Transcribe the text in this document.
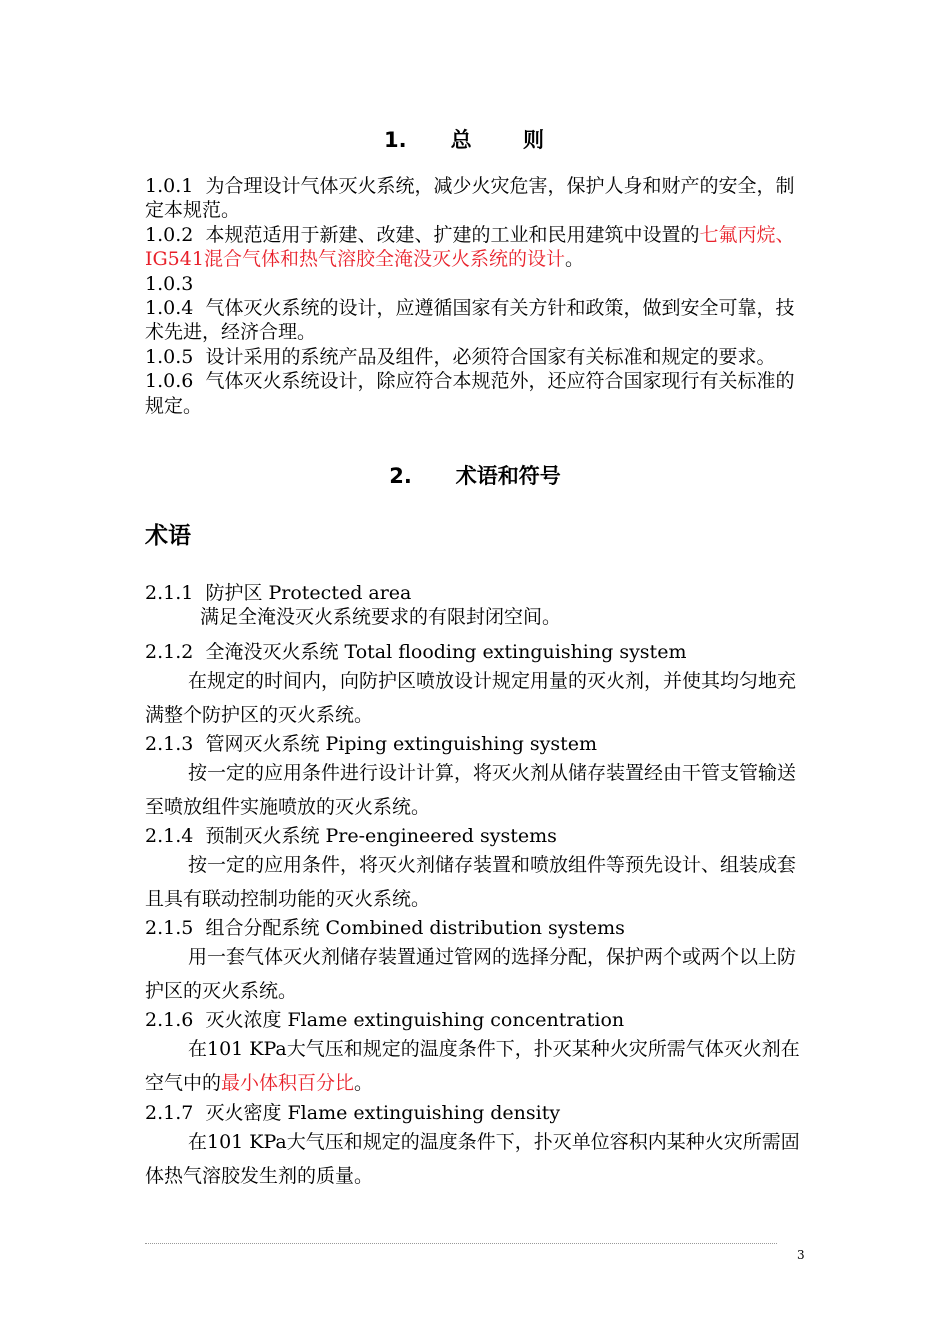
1. 总 则
1.0.1 为合理设计气体灭火系统，减少火灾危害，保护人身和财产的安全，制定本规范。
1.0.2 本规范适用于新建、改建、扩建的工业和民用建筑中设置的七氟丙烷、IG541混合气体和热气溶胶全淹没灭火系统的设计。
1.0.3
1.0.4 气体灭火系统的设计，应遵循国家有关方针和政策，做到安全可靠，技术先进，经济合理。
1.0.5 设计采用的系统产品及组件，必须符合国家有关标准和规定的要求。
1.0.6 气体灭火系统设计，除应符合本规范外，还应符合国家现行有关标准的规定。
2. 术语和符号
术语
2.1.1 防护区 Protected area
满足全淹没灭火系统要求的有限封闭空间。
2.1.2 全淹没灭火系统 Total flooding extinguishing system
在规定的时间内，向防护区喷放设计规定用量的灭火剂，并使其均匀地充满整个防护区的灭火系统。
2.1.3 管网灭火系统 Piping extinguishing system
按一定的应用条件进行设计计算，将灭火剂从储存装置经由干管支管输送至喷放组件实施喷放的灭火系统。
2.1.4 预制灭火系统 Pre-engineered systems
按一定的应用条件，将灭火剂储存装置和喷放组件等预先设计、组装成套且具有联动控制功能的灭火系统。
2.1.5 组合分配系统 Combined distribution systems
用一套气体灭火剂储存装置通过管网的选择分配，保护两个或两个以上防护区的灭火系统。
2.1.6 灭火浓度 Flame extinguishing concentration
在101 KPa大气压和规定的温度条件下，扑灭某种火灾所需气体灭火剂在空气中的最小体积百分比。
2.1.7 灭火密度 Flame extinguishing density
在101 KPa大气压和规定的温度条件下，扑灭单位容积内某种火灾所需固体热气溶胶发生剂的质量。
3
